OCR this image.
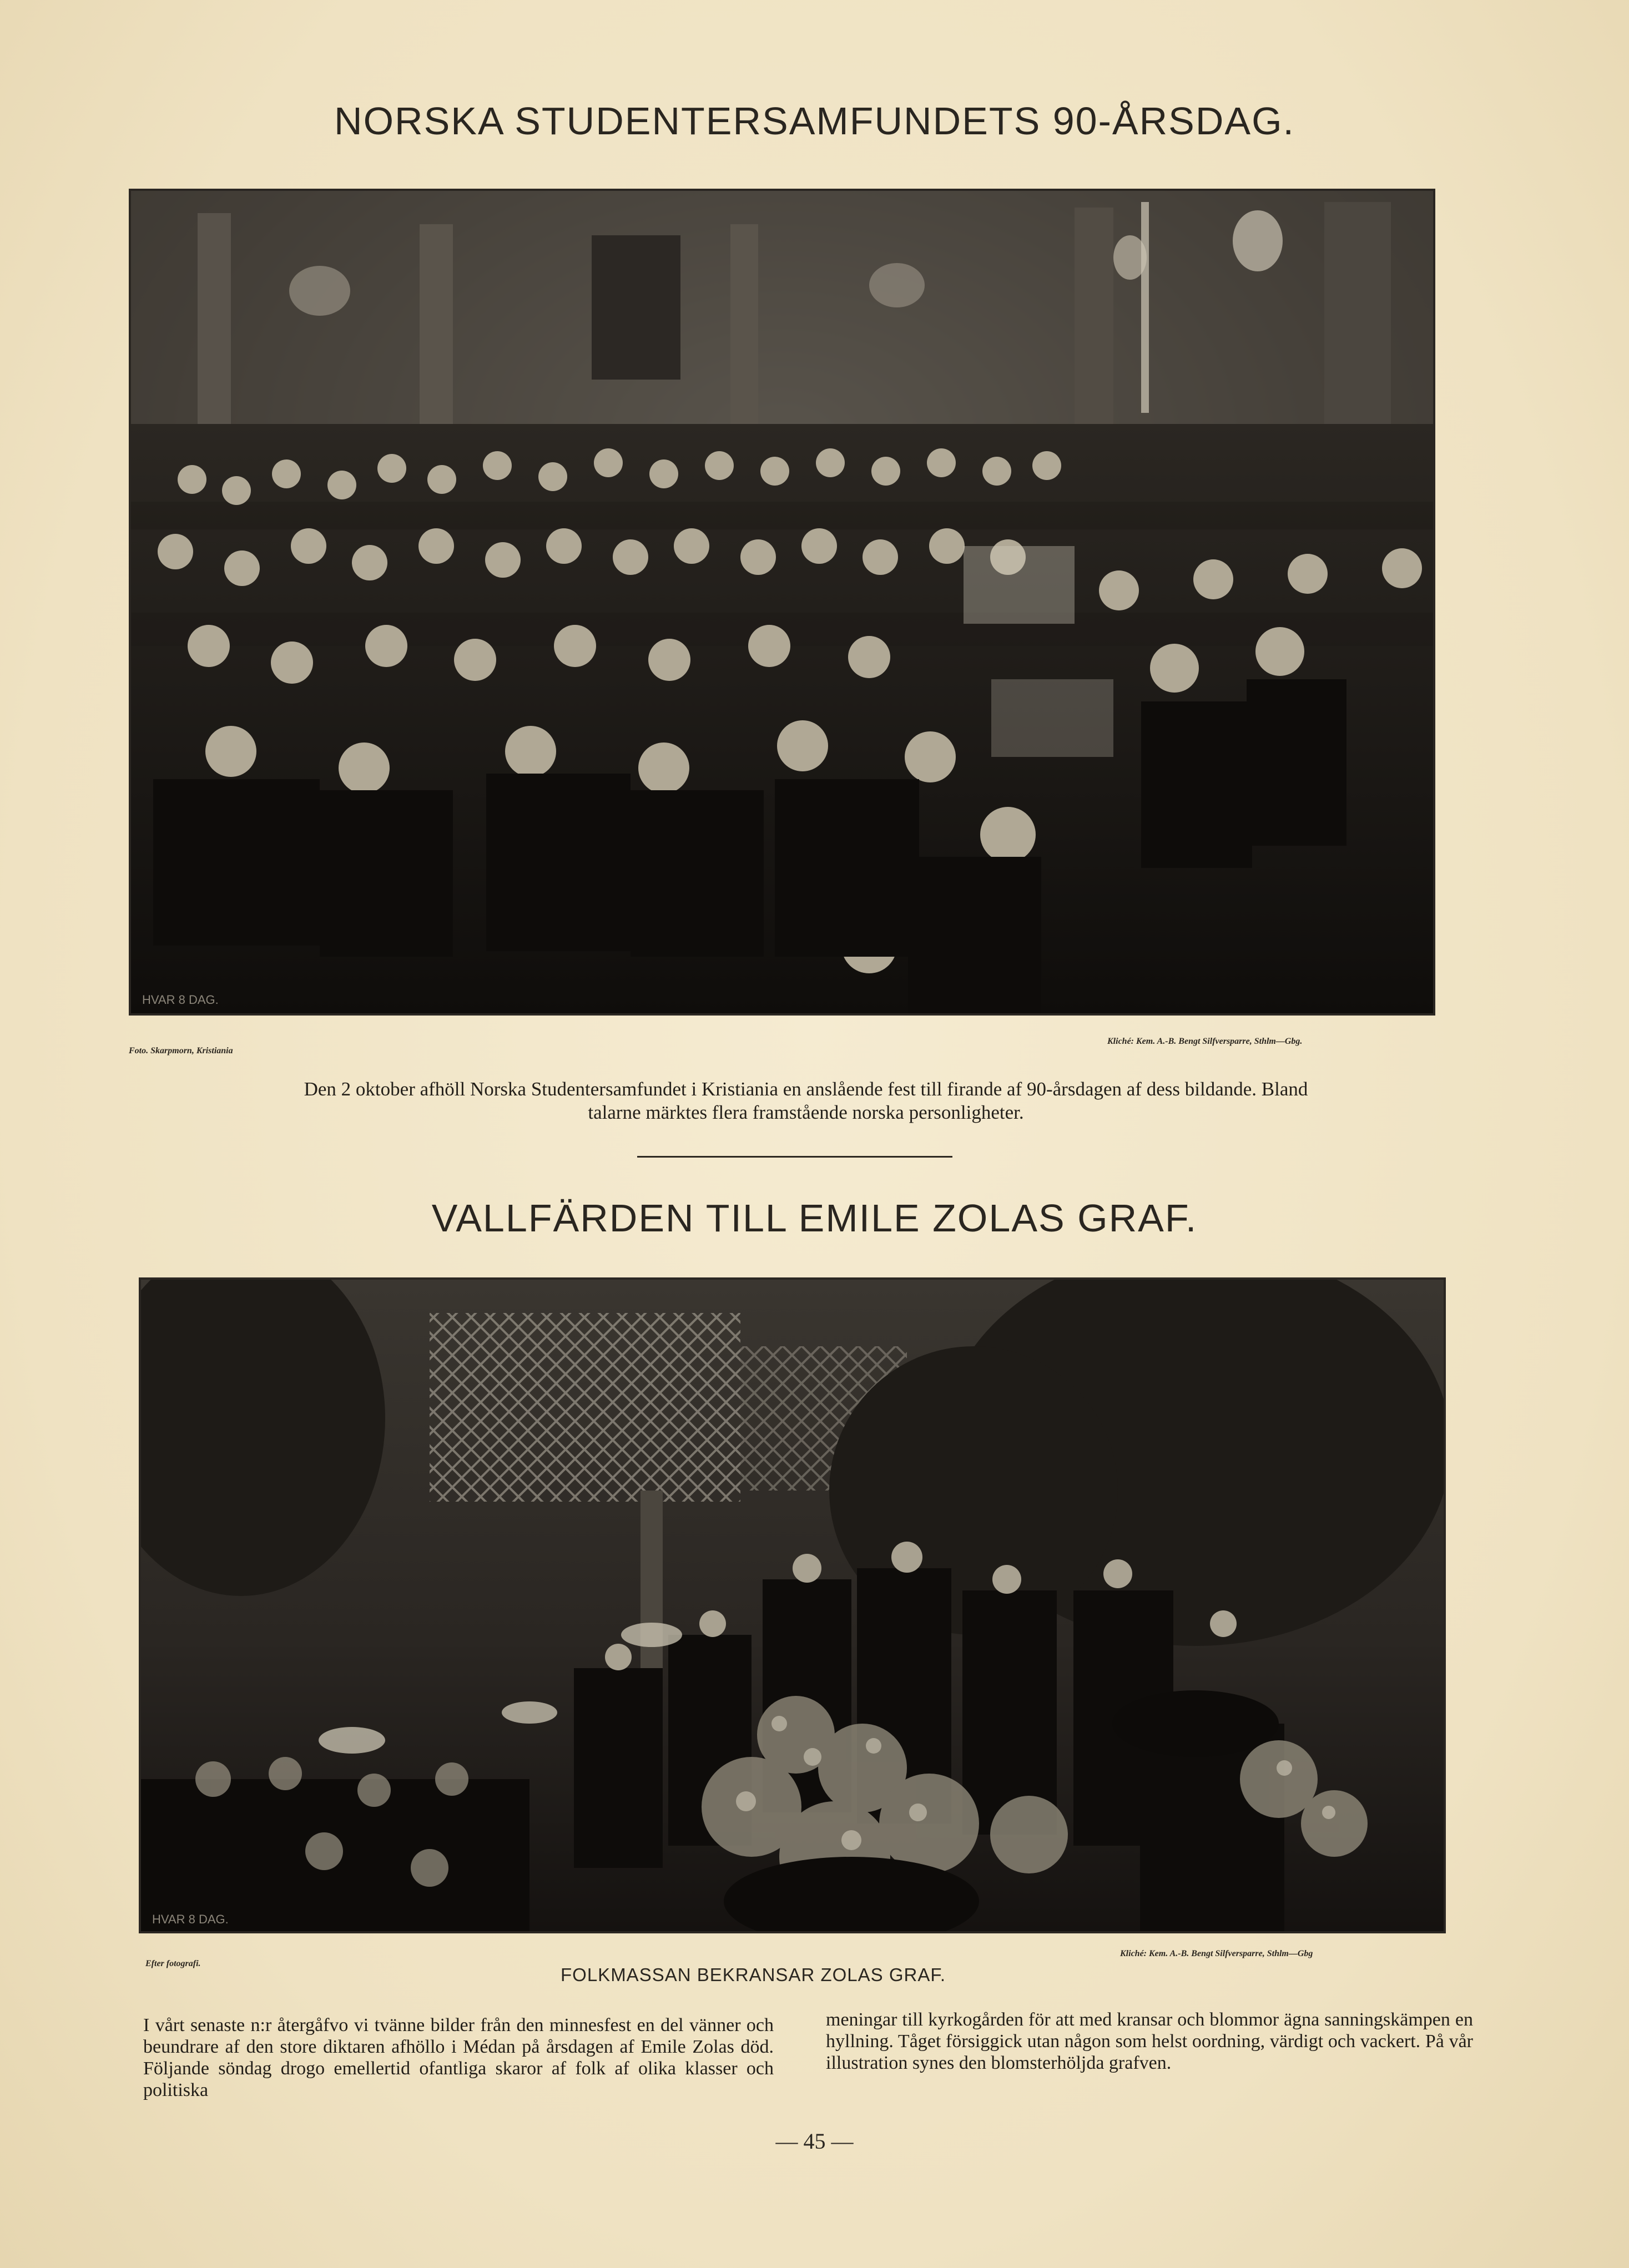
NORSKA STUDENTERSAMFUNDETS 90-ÅRSDAG.
HVAR 8 DAG.
Foto. Skarpmorn, Kristiania
Kliché: Kem. A.-B. Bengt Silfversparre, Sthlm—Gbg.
Den 2 oktober afhöll Norska Studentersamfundet i Kristiania en anslående fest till firande af 90-årsdagen af dess bildande. Bland
talarne märktes flera framstående norska personligheter.
VALLFÄRDEN TILL EMILE ZOLAS GRAF.
HVAR 8 DAG.
Efter fotografi.
FOLKMASSAN BEKRANSAR ZOLAS GRAF.
Kliché: Kem. A.-B. Bengt Silfversparre, Sthlm—Gbg
I vårt senaste n:r återgåfvo vi tvänne bilder från den minnesfest en del vänner och beundrare af den store diktaren afhöllo i Médan på årsdagen af Emile Zolas död. Följande söndag drogo emellertid ofantliga skaror af folk af olika klasser och politiska
meningar till kyrkogården för att med kransar och blommor ägna sanningskämpen en hyllning. Tåget försiggick utan någon som helst oordning, värdigt och vackert. På vår illustration synes den blomsterhöljda grafven.
— 45 —
